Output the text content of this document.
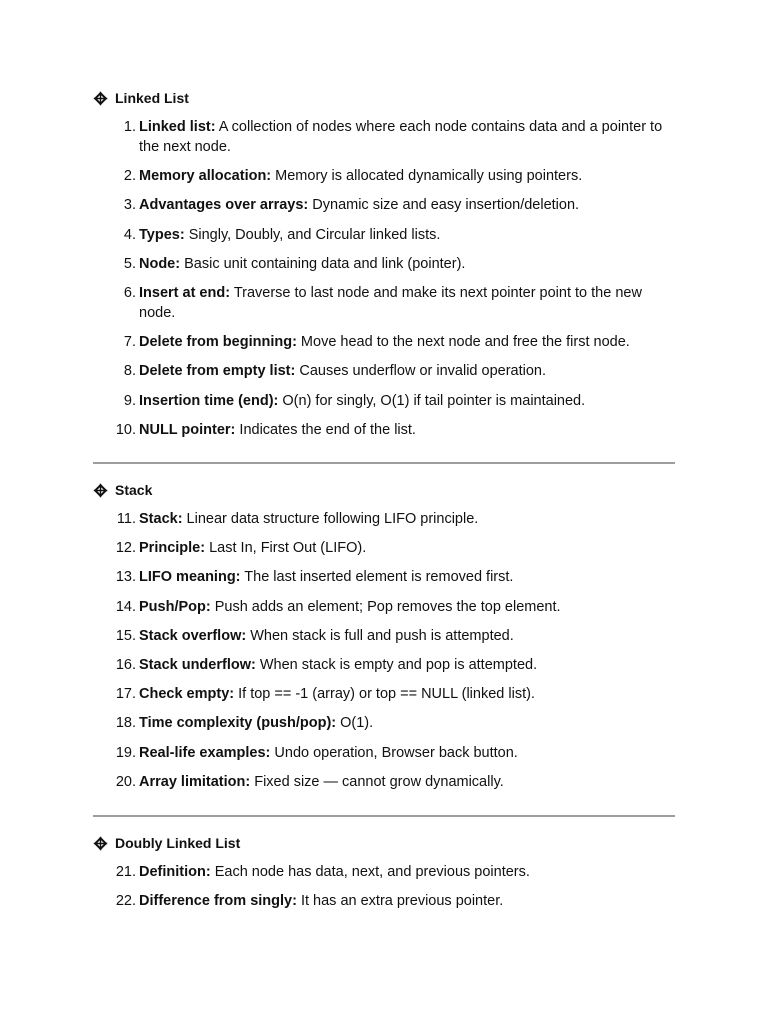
Linked List
1. Linked list: A collection of nodes where each node contains data and a pointer to the next node.
2. Memory allocation: Memory is allocated dynamically using pointers.
3. Advantages over arrays: Dynamic size and easy insertion/deletion.
4. Types: Singly, Doubly, and Circular linked lists.
5. Node: Basic unit containing data and link (pointer).
6. Insert at end: Traverse to last node and make its next pointer point to the new node.
7. Delete from beginning: Move head to the next node and free the first node.
8. Delete from empty list: Causes underflow or invalid operation.
9. Insertion time (end): O(n) for singly, O(1) if tail pointer is maintained.
10. NULL pointer: Indicates the end of the list.
Stack
11. Stack: Linear data structure following LIFO principle.
12. Principle: Last In, First Out (LIFO).
13. LIFO meaning: The last inserted element is removed first.
14. Push/Pop: Push adds an element; Pop removes the top element.
15. Stack overflow: When stack is full and push is attempted.
16. Stack underflow: When stack is empty and pop is attempted.
17. Check empty: If top == -1 (array) or top == NULL (linked list).
18. Time complexity (push/pop): O(1).
19. Real-life examples: Undo operation, Browser back button.
20. Array limitation: Fixed size — cannot grow dynamically.
Doubly Linked List
21. Definition: Each node has data, next, and previous pointers.
22. Difference from singly: It has an extra previous pointer.
